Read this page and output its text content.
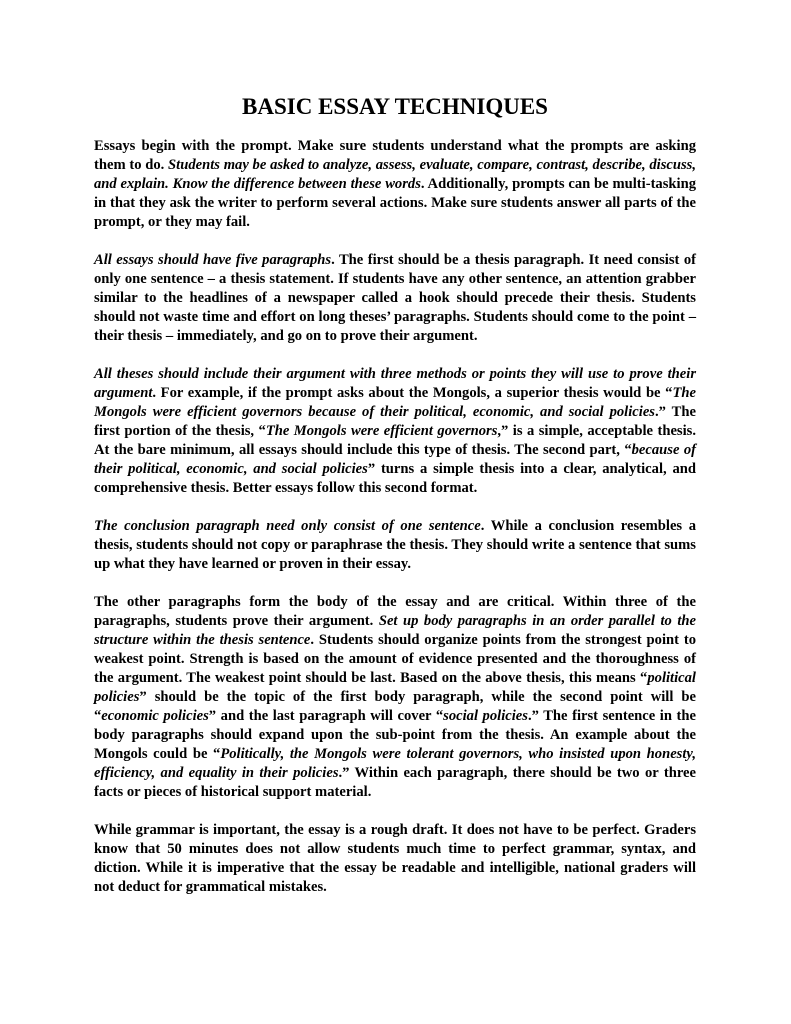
BASIC ESSAY TECHNIQUES

Essays begin with the prompt. Make sure students understand what the prompts are asking them to do. Students may be asked to analyze, assess, evaluate, compare, contrast, describe, discuss, and explain. Know the difference between these words. Additionally, prompts can be multi-tasking in that they ask the writer to perform several actions. Make sure students answer all parts of the prompt, or they may fail.

All essays should have five paragraphs. The first should be a thesis paragraph. It need consist of only one sentence – a thesis statement. If students have any other sentence, an attention grabber similar to the headlines of a newspaper called a hook should precede their thesis. Students should not waste time and effort on long theses’ paragraphs. Students should come to the point – their thesis – immediately, and go on to prove their argument.

All theses should include their argument with three methods or points they will use to prove their argument. For example, if the prompt asks about the Mongols, a superior thesis would be “The Mongols were efficient governors because of their political, economic, and social policies.” The first portion of the thesis, “The Mongols were efficient governors,” is a simple, acceptable thesis. At the bare minimum, all essays should include this type of thesis. The second part, “because of their political, economic, and social policies” turns a simple thesis into a clear, analytical, and comprehensive thesis. Better essays follow this second format.

The conclusion paragraph need only consist of one sentence. While a conclusion resembles a thesis, students should not copy or paraphrase the thesis. They should write a sentence that sums up what they have learned or proven in their essay.

The other paragraphs form the body of the essay and are critical. Within three of the paragraphs, students prove their argument. Set up body paragraphs in an order parallel to the structure within the thesis sentence. Students should organize points from the strongest point to weakest point. Strength is based on the amount of evidence presented and the thoroughness of the argument. The weakest point should be last. Based on the above thesis, this means “political policies” should be the topic of the first body paragraph, while the second point will be “economic policies” and the last paragraph will cover “social policies.” The first sentence in the body paragraphs should expand upon the sub-point from the thesis. An example about the Mongols could be “Politically, the Mongols were tolerant governors, who insisted upon honesty, efficiency, and equality in their policies.” Within each paragraph, there should be two or three facts or pieces of historical support material.

While grammar is important, the essay is a rough draft. It does not have to be perfect. Graders know that 50 minutes does not allow students much time to perfect grammar, syntax, and diction. While it is imperative that the essay be readable and intelligible, national graders will not deduct for grammatical mistakes.
